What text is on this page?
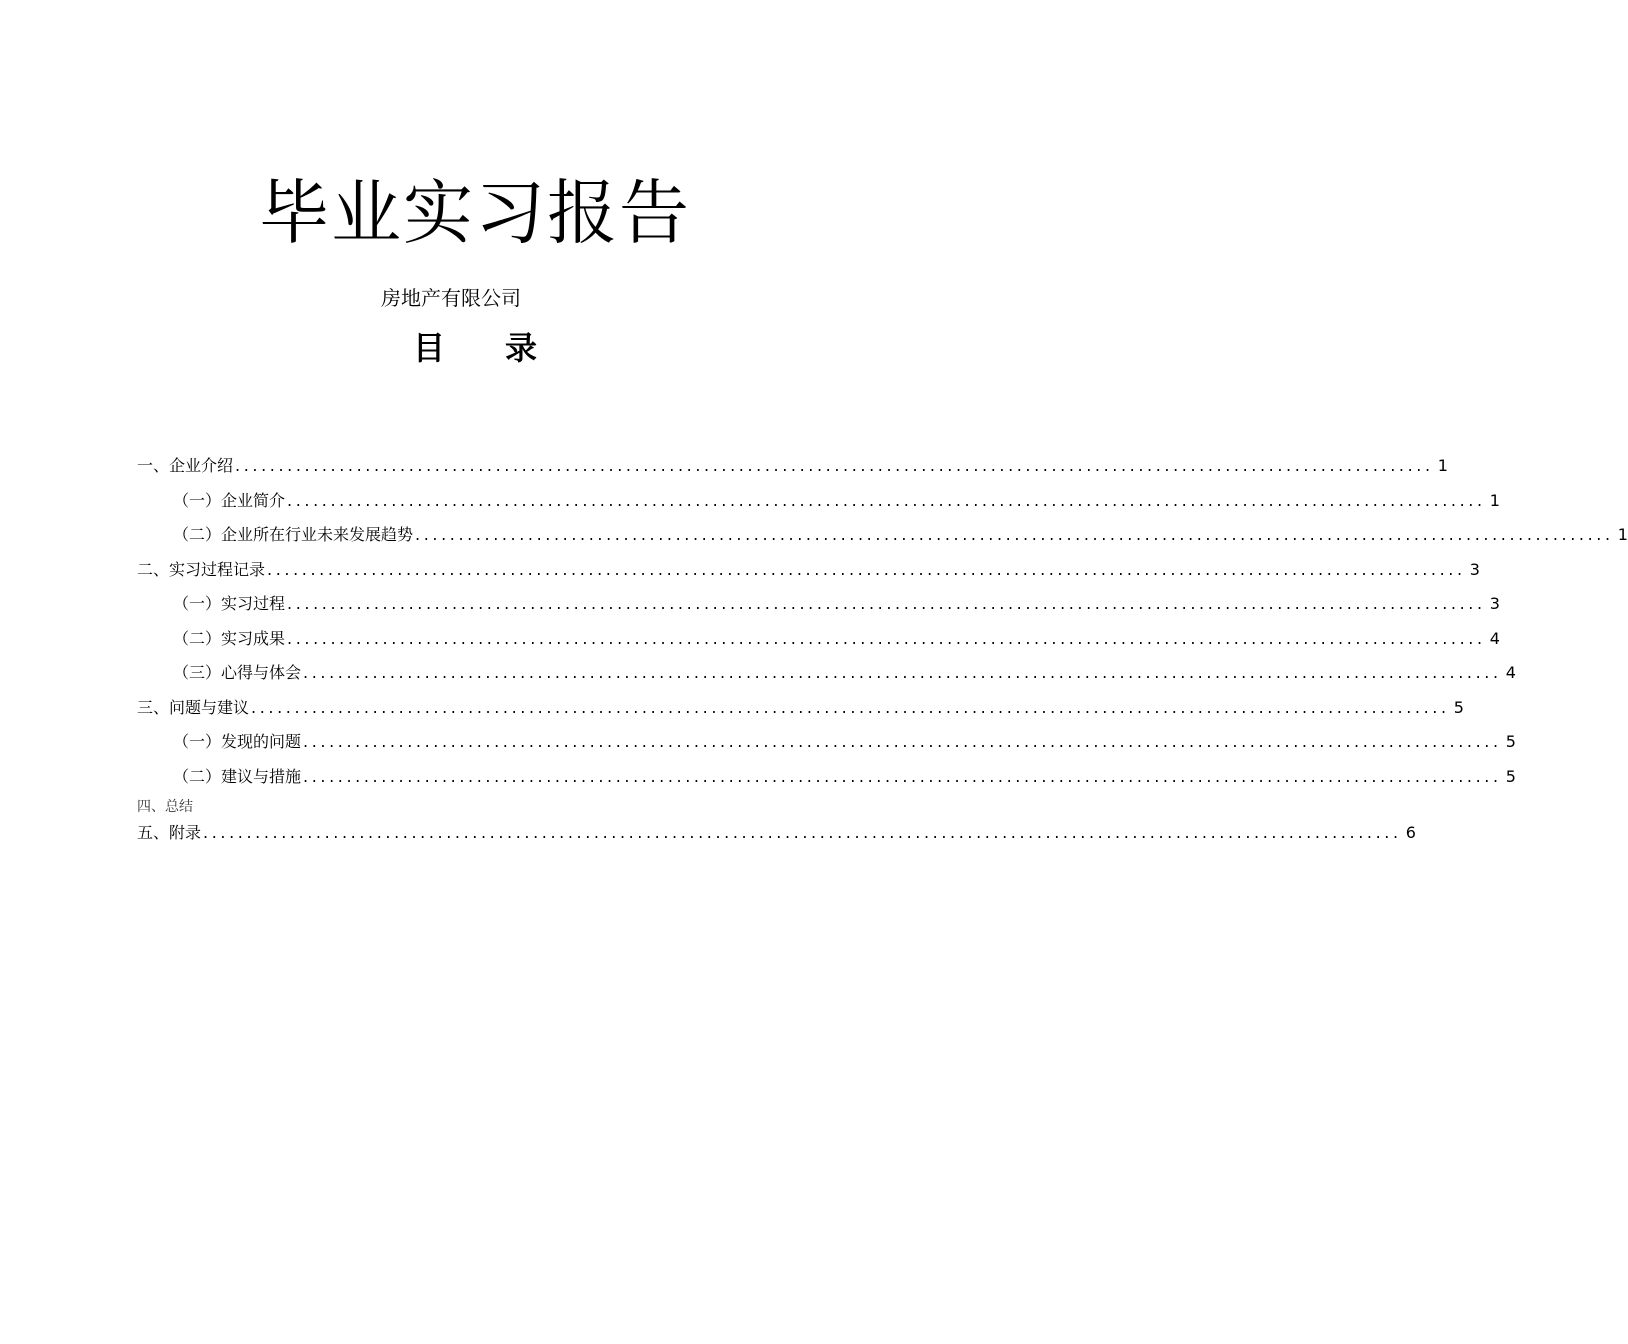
毕业实习报告
房地产有限公司
目 录
一、企业介绍 .......................................................................................................................................... 1
（一）企业简介 .......................................................................................................................................... 1
（二）企业所在行业未来发展趋势 .......................................................................................................................................... 1
二、实习过程记录 .......................................................................................................................................... 3
（一）实习过程 .......................................................................................................................................... 3
（二）实习成果 .......................................................................................................................................... 4
（三）心得与体会 .......................................................................................................................................... 4
三、问题与建议 .......................................................................................................................................... 5
（一）发现的问题 .......................................................................................................................................... 5
（二）建议与措施 .......................................................................................................................................... 5
四、总结
五、附录 .......................................................................................................................................... 6
